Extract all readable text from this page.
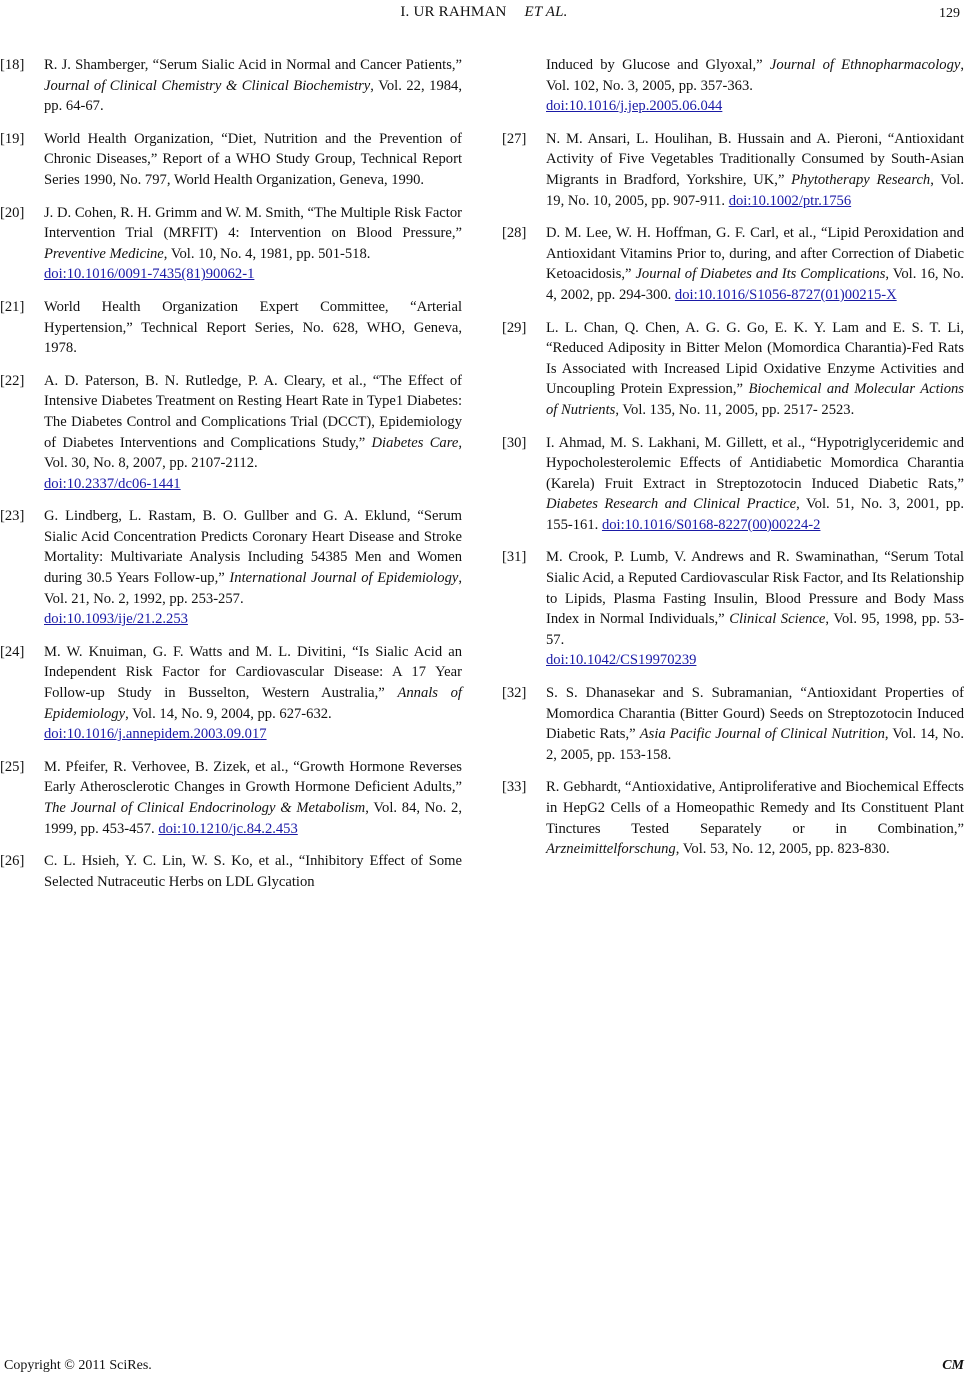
I. UR RAHMAN ET AL.	129
[18] R. J. Shamberger, “Serum Sialic Acid in Normal and Cancer Patients,” Journal of Clinical Chemistry & Clinical Biochemistry, Vol. 22, 1984, pp. 64-67.
[19] World Health Organization, “Diet, Nutrition and the Prevention of Chronic Diseases,” Report of a WHO Study Group, Technical Report Series 1990, No. 797, World Health Organization, Geneva, 1990.
[20] J. D. Cohen, R. H. Grimm and W. M. Smith, “The Multiple Risk Factor Intervention Trial (MRFIT) 4: Intervention on Blood Pressure,” Preventive Medicine, Vol. 10, No. 4, 1981, pp. 501-518.
doi:10.1016/0091-7435(81)90062-1
[21] World Health Organization Expert Committee, “Arterial Hypertension,” Technical Report Series, No. 628, WHO, Geneva, 1978.
[22] A. D. Paterson, B. N. Rutledge, P. A. Cleary, et al., “The Effect of Intensive Diabetes Treatment on Resting Heart Rate in Type1 Diabetes: The Diabetes Control and Complications Trial (DCCT), Epidemiology of Diabetes Interventions and Complications Study,” Diabetes Care, Vol. 30, No. 8, 2007, pp. 2107-2112.
doi:10.2337/dc06-1441
[23] G. Lindberg, L. Rastam, B. O. Gullber and G. A. Eklund, “Serum Sialic Acid Concentration Predicts Coronary Heart Disease and Stroke Mortality: Multivariate Analysis Including 54385 Men and Women during 30.5 Years Follow-up,” International Journal of Epidemiology, Vol. 21, No. 2, 1992, pp. 253-257.
doi:10.1093/ije/21.2.253
[24] M. W. Knuiman, G. F. Watts and M. L. Divitini, “Is Sialic Acid an Independent Risk Factor for Cardiovascular Disease: A 17 Year Follow-up Study in Busselton, Western Australia,” Annals of Epidemiology, Vol. 14, No. 9, 2004, pp. 627-632.
doi:10.1016/j.annepidem.2003.09.017
[25] M. Pfeifer, R. Verhovee, B. Zizek, et al., “Growth Hormone Reverses Early Atherosclerotic Changes in Growth Hormone Deficient Adults,” The Journal of Clinical Endocrinology & Metabolism, Vol. 84, No. 2, 1999, pp. 453-457. doi:10.1210/jc.84.2.453
[26] C. L. Hsieh, Y. C. Lin, W. S. Ko, et al., “Inhibitory Effect of Some Selected Nutraceutic Herbs on LDL Glycation
Induced by Glucose and Glyoxal,” Journal of Ethnopharmacology, Vol. 102, No. 3, 2005, pp. 357-363.
doi:10.1016/j.jep.2005.06.044
[27] N. M. Ansari, L. Houlihan, B. Hussain and A. Pieroni, “Antioxidant Activity of Five Vegetables Traditionally Consumed by South-Asian Migrants in Bradford, Yorkshire, UK,” Phytotherapy Research, Vol. 19, No. 10, 2005, pp. 907-911. doi:10.1002/ptr.1756
[28] D. M. Lee, W. H. Hoffman, G. F. Carl, et al., “Lipid Peroxidation and Antioxidant Vitamins Prior to, during, and after Correction of Diabetic Ketoacidosis,” Journal of Diabetes and Its Complications, Vol. 16, No. 4, 2002, pp. 294-300. doi:10.1016/S1056-8727(01)00215-X
[29] L. L. Chan, Q. Chen, A. G. G. Go, E. K. Y. Lam and E. S. T. Li, “Reduced Adiposity in Bitter Melon (Momordica Charantia)-Fed Rats Is Associated with Increased Lipid Oxidative Enzyme Activities and Uncoupling Protein Expression,” Biochemical and Molecular Actions of Nutrients, Vol. 135, No. 11, 2005, pp. 2517- 2523.
[30] I. Ahmad, M. S. Lakhani, M. Gillett, et al., “Hypotriglyceridemic and Hypocholesterolemic Effects of Antidiabetic Momordica Charantia (Karela) Fruit Extract in Streptozotocin Induced Diabetic Rats,” Diabetes Research and Clinical Practice, Vol. 51, No. 3, 2001, pp. 155-161. doi:10.1016/S0168-8227(00)00224-2
[31] M. Crook, P. Lumb, V. Andrews and R. Swaminathan, “Serum Total Sialic Acid, a Reputed Cardiovascular Risk Factor, and Its Relationship to Lipids, Plasma Fasting Insulin, Blood Pressure and Body Mass Index in Normal Individuals,” Clinical Science, Vol. 95, 1998, pp. 53-57.
doi:10.1042/CS19970239
[32] S. S. Dhanasekar and S. Subramanian, “Antioxidant Properties of Momordica Charantia (Bitter Gourd) Seeds on Streptozotocin Induced Diabetic Rats,” Asia Pacific Journal of Clinical Nutrition, Vol. 14, No. 2, 2005, pp. 153-158.
[33] R. Gebhardt, “Antioxidative, Antiproliferative and Biochemical Effects in HepG2 Cells of a Homeopathic Remedy and Its Constituent Plant Tinctures Tested Separately or in Combination,” Arzneimittelforschung, Vol. 53, No. 12, 2005, pp. 823-830.
Copyright © 2011 SciRes.	CM
